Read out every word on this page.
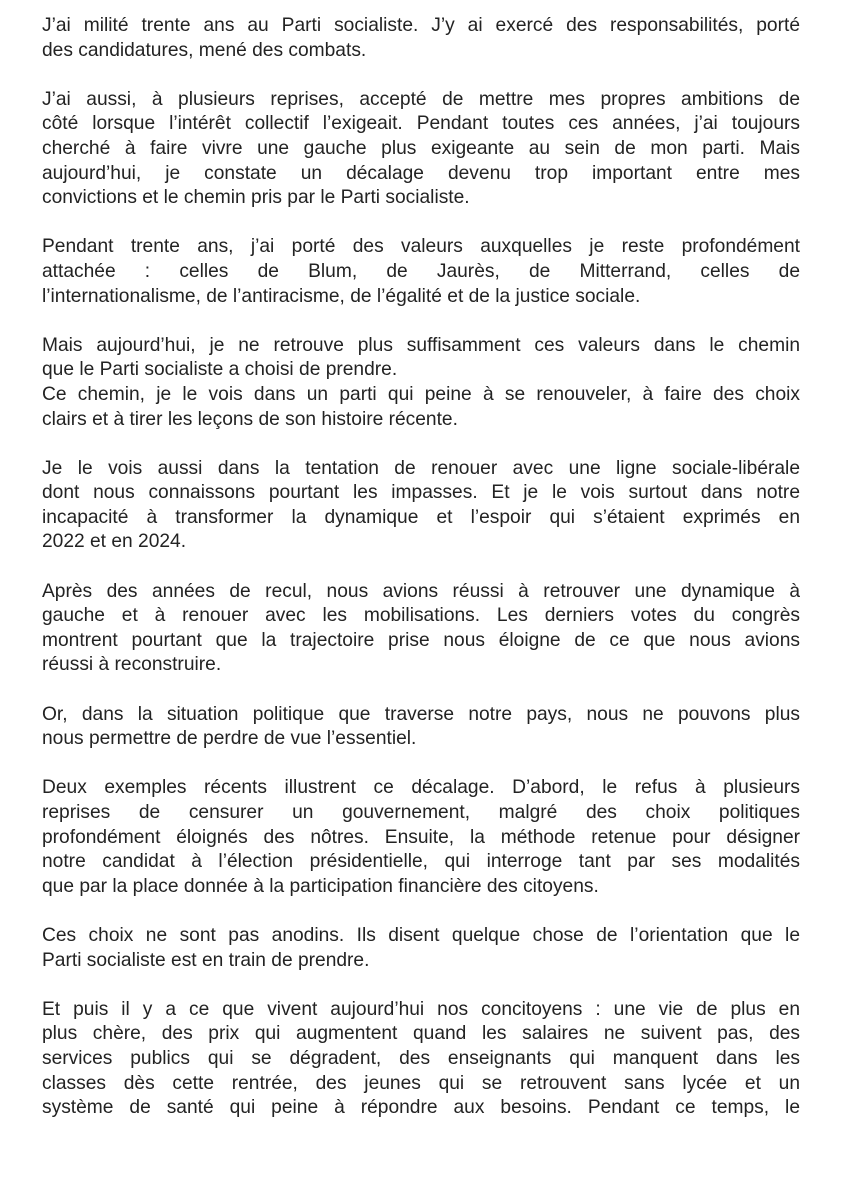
J’ai milité trente ans au Parti socialiste. J’y ai exercé des responsabilités, porté
des candidatures, mené des combats.
J’ai aussi, à plusieurs reprises, accepté de mettre mes propres ambitions de
côté lorsque l’intérêt collectif l’exigeait. Pendant toutes ces années, j’ai toujours
cherché à faire vivre une gauche plus exigeante au sein de mon parti. Mais
aujourd’hui, je constate un décalage devenu trop important entre mes
convictions et le chemin pris par le Parti socialiste.
Pendant trente ans, j’ai porté des valeurs auxquelles je reste profondément
attachée : celles de Blum, de Jaurès, de Mitterrand, celles de
l’internationalisme, de l’antiracisme, de l’égalité et de la justice sociale.
Mais aujourd’hui, je ne retrouve plus suffisamment ces valeurs dans le chemin
que le Parti socialiste a choisi de prendre.
Ce chemin, je le vois dans un parti qui peine à se renouveler, à faire des choix
clairs et à tirer les leçons de son histoire récente.
Je le vois aussi dans la tentation de renouer avec une ligne sociale-libérale
dont nous connaissons pourtant les impasses. Et je le vois surtout dans notre
incapacité à transformer la dynamique et l’espoir qui s’étaient exprimés en
2022 et en 2024.
Après des années de recul, nous avions réussi à retrouver une dynamique à
gauche et à renouer avec les mobilisations. Les derniers votes du congrès
montrent pourtant que la trajectoire prise nous éloigne de ce que nous avions
réussi à reconstruire.
Or, dans la situation politique que traverse notre pays, nous ne pouvons plus
nous permettre de perdre de vue l’essentiel.
Deux exemples récents illustrent ce décalage. D’abord, le refus à plusieurs
reprises de censurer un gouvernement, malgré des choix politiques
profondément éloignés des nôtres. Ensuite, la méthode retenue pour désigner
notre candidat à l’élection présidentielle, qui interroge tant par ses modalités
que par la place donnée à la participation financière des citoyens.
Ces choix ne sont pas anodins. Ils disent quelque chose de l’orientation que le
Parti socialiste est en train de prendre.
Et puis il y a ce que vivent aujourd’hui nos concitoyens : une vie de plus en
plus chère, des prix qui augmentent quand les salaires ne suivent pas, des
services publics qui se dégradent, des enseignants qui manquent dans les
classes dès cette rentrée, des jeunes qui se retrouvent sans lycée et un
système de santé qui peine à répondre aux besoins. Pendant ce temps, le
